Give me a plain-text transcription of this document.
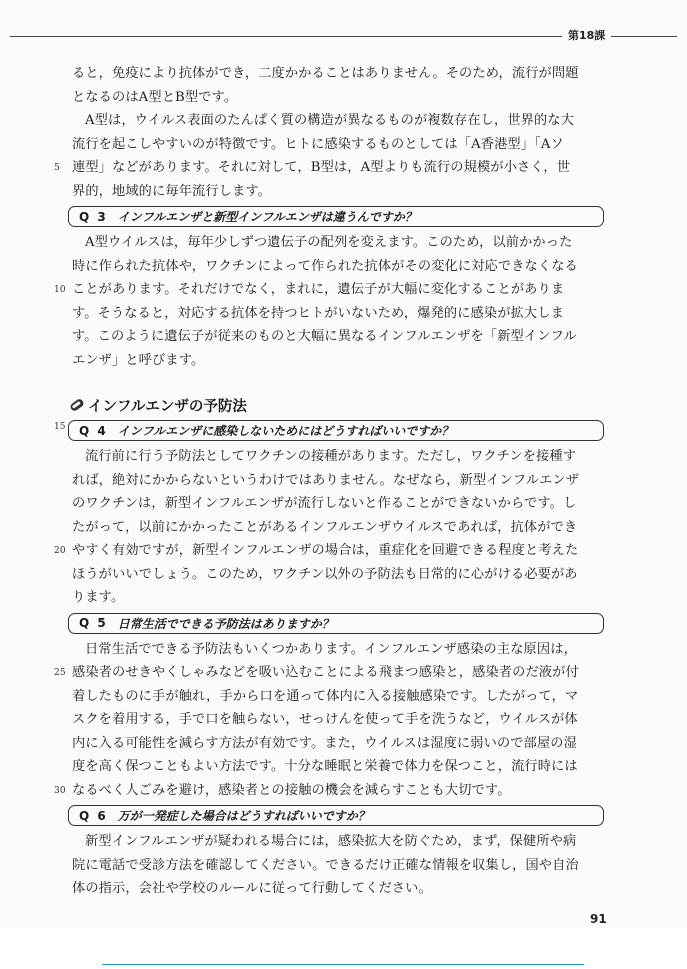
第18課

ると，免疫により抗体ができ，二度かかることはありません。そのため，流行が問題
となるのはA型とB型です。

A型は，ウイルス表面のたんぱく質の構造が異なるものが複数存在し，世界的な大
流行を起こしやすいのが特徴です。ヒトに感染するものとしては「A香港型」「Aソ
5 連型」などがあります。それに対して，B型は，A型よりも流行の規模が小さく，世
界的，地域的に毎年流行します。

Q 3 インフルエンザと新型インフルエンザは違うんですか？

A型ウイルスは，毎年少しずつ遺伝子の配列を変えます。このため，以前かかった
時に作られた抗体や，ワクチンによって作られた抗体がその変化に対応できなくなる
10 ことがあります。それだけでなく，まれに，遺伝子が大幅に変化することがありま
す。そうなると，対応する抗体を持つヒトがいないため，爆発的に感染が拡大しま
す。このように遺伝子が従来のものと大幅に異なるインフルエンザを「新型インフル
エンザ」と呼びます。

インフルエンザの予防法
15 Q 4 インフルエンザに感染しないためにはどうすればいいですか？

流行前に行う予防法としてワクチンの接種があります。ただし，ワクチンを接種す
れば，絶対にかからないというわけではありません。なぜなら，新型インフルエンザ
のワクチンは，新型インフルエンザが流行しないと作ることができないからです。し
たがって，以前にかかったことがあるインフルエンザウイルスであれば，抗体ができ
20 やすく有効ですが，新型インフルエンザの場合は，重症化を回避できる程度と考えた
ほうがいいでしょう。このため，ワクチン以外の予防法も日常的に心がける必要があ
ります。

Q 5 日常生活でできる予防法はありますか？

日常生活でできる予防法もいくつかあります。インフルエンザ感染の主な原因は，
25 感染者のせきやくしゃみなどを吸い込むことによる飛まつ感染と，感染者のだ液が付
着したものに手が触れ，手から口を通って体内に入る接触感染です。したがって，マ
スクを着用する，手で口を触らない，せっけんを使って手を洗うなど，ウイルスが体
内に入る可能性を減らす方法が有効です。また，ウイルスは湿度に弱いので部屋の湿
度を高く保つこともよい方法です。十分な睡眠と栄養で体力を保つこと，流行時には
30 なるべく人ごみを避け，感染者との接触の機会を減らすことも大切です。

Q 6 万が一発症した場合はどうすればいいですか？

新型インフルエンザが疑われる場合には，感染拡大を防ぐため，まず，保健所や病
院に電話で受診方法を確認してください。できるだけ正確な情報を収集し，国や自治
体の指示，会社や学校のルールに従って行動してください。

91
